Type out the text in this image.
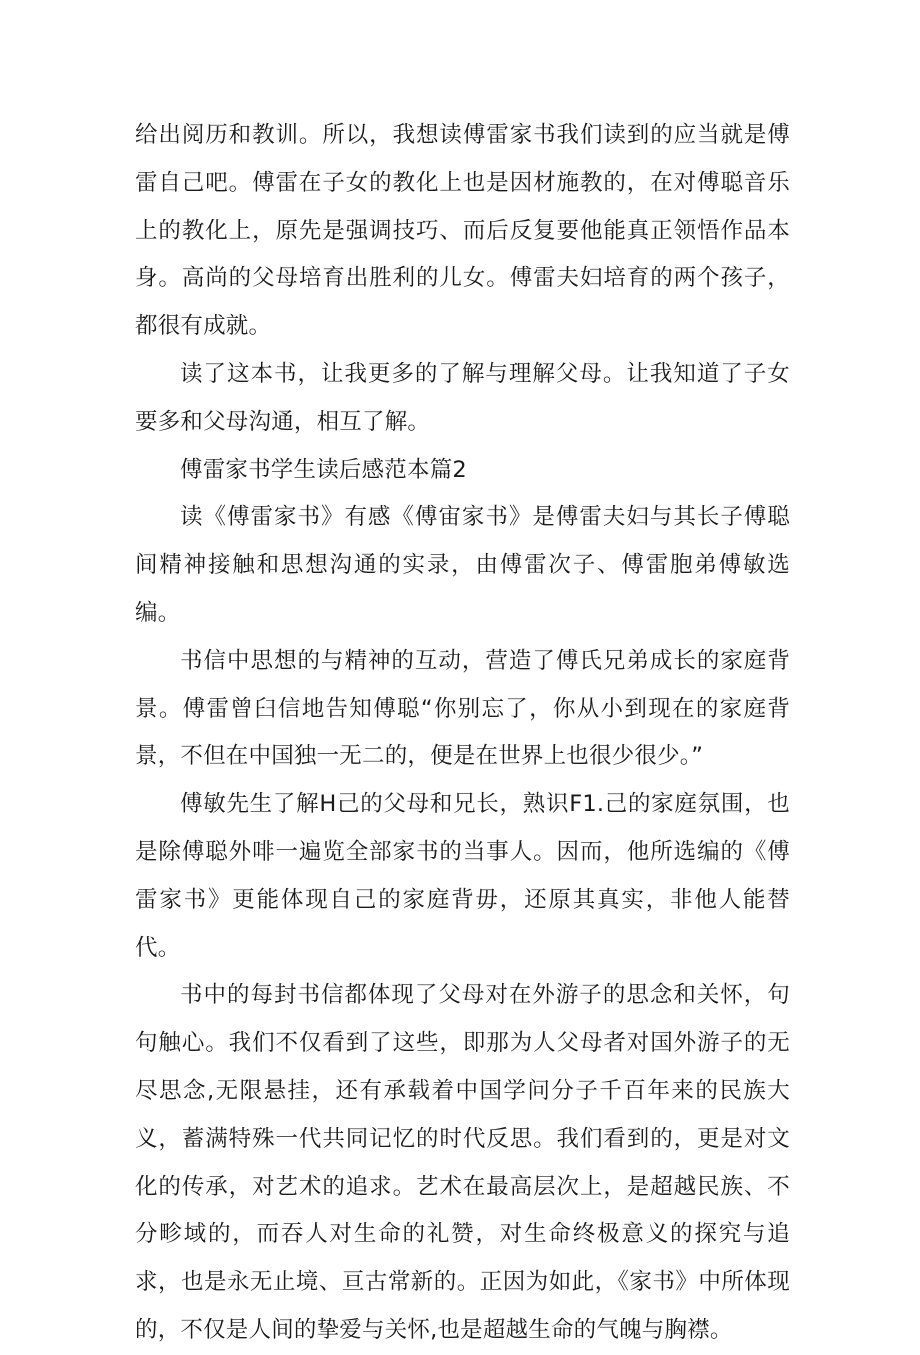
给出阅历和教训。所以，我想读傅雷家书我们读到的应当就是傅雷自己吧。傅雷在子女的教化上也是因材施教的，在对傅聪音乐上的教化上，原先是强调技巧、而后反复要他能真正领悟作品本身。高尚的父母培育出胜利的儿女。傅雷夫妇培育的两个孩子，都很有成就。

读了这本书，让我更多的了解与理解父母。让我知道了子女要多和父母沟通，相互了解。

傅雷家书学生读后感范本篇2

读《傅雷家书》有感《傅宙家书》是傅雷夫妇与其长子傅聪间精神接触和思想沟通的实录，由傅雷次子、傅雷胞弟傅敏选编。

书信中思想的与精神的互动，营造了傅氏兄弟成长的家庭背景。傅雷曾臼信地告知傅聪“你别忘了，你从小到现在的家庭背景，不但在中国独一无二的，便是在世界上也很少很少。”

傅敏先生了解H己的父母和兄长，熟识F1.己的家庭氛围，也是除傅聪外啡一遍览全部家书的当事人。因而，他所选编的《傅雷家书》更能体现自己的家庭背毋，还原其真实，非他人能替代。

书中的每封书信都体现了父母对在外游子的思念和关怀，句句触心。我们不仅看到了这些，即那为人父母者对国外游子的无尽思念,无限悬挂，还有承载着中国学问分子千百年来的民族大义，蓄满特殊一代共同记忆的时代反思。我们看到的，更是对文化的传承，对艺术的追求。艺术在最高层次上，是超越民族、不分畛域的，而吞人对生命的礼赞，对生命终极意义的探究与追求，也是永无止境、亘古常新的。正因为如此，《家书》中所体现的，不仅是人间的挚爱与关怀,也是超越生命的气魄与胸襟。
